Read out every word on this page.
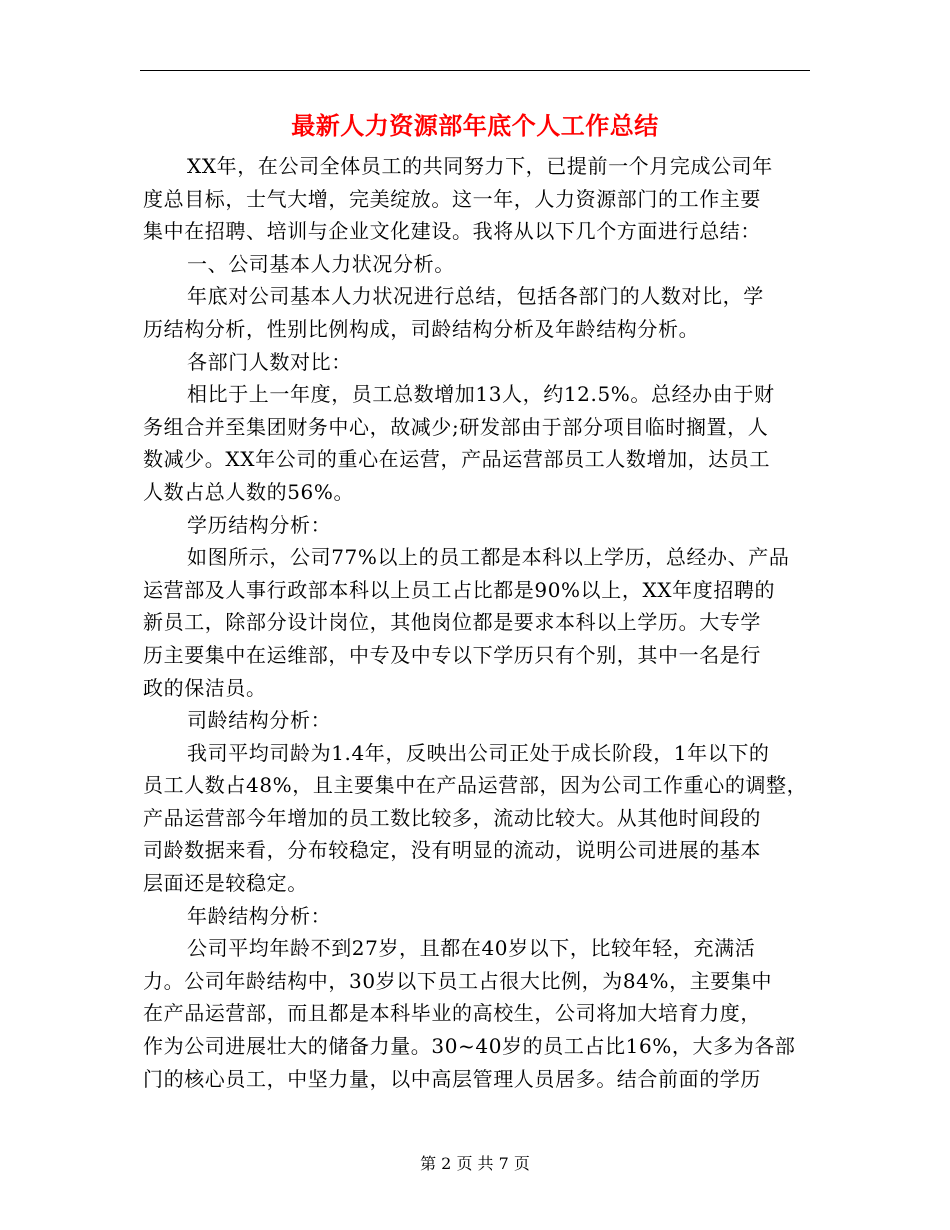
最新人力资源部年底个人工作总结
XX年，在公司全体员工的共同努力下，已提前一个月完成公司年
度总目标，士气大增，完美绽放。这一年，人力资源部门的工作主要
集中在招聘、培训与企业文化建设。我将从以下几个方面进行总结：
一、公司基本人力状况分析。
年底对公司基本人力状况进行总结，包括各部门的人数对比，学
历结构分析，性别比例构成，司龄结构分析及年龄结构分析。
各部门人数对比：
相比于上一年度，员工总数增加13人，约12.5%。总经办由于财
务组合并至集团财务中心，故减少;研发部由于部分项目临时搁置，人
数减少。XX年公司的重心在运营，产品运营部员工人数增加，达员工
人数占总人数的56%。
学历结构分析：
如图所示，公司77%以上的员工都是本科以上学历，总经办、产品
运营部及人事行政部本科以上员工占比都是90%以上，XX年度招聘的
新员工，除部分设计岗位，其他岗位都是要求本科以上学历。大专学
历主要集中在运维部，中专及中专以下学历只有个别，其中一名是行
政的保洁员。
司龄结构分析：
我司平均司龄为1.4年，反映出公司正处于成长阶段，1年以下的
员工人数占48%，且主要集中在产品运营部，因为公司工作重心的调整，
产品运营部今年增加的员工数比较多，流动比较大。从其他时间段的
司龄数据来看，分布较稳定，没有明显的流动，说明公司进展的基本
层面还是较稳定。
年龄结构分析：
公司平均年龄不到27岁，且都在40岁以下，比较年轻，充满活
力。公司年龄结构中，30岁以下员工占很大比例，为84%，主要集中
在产品运营部，而且都是本科毕业的高校生，公司将加大培育力度，
作为公司进展壮大的储备力量。30~40岁的员工占比16%，大多为各部
门的核心员工，中坚力量，以中高层管理人员居多。结合前面的学历
第 2 页 共 7 页
